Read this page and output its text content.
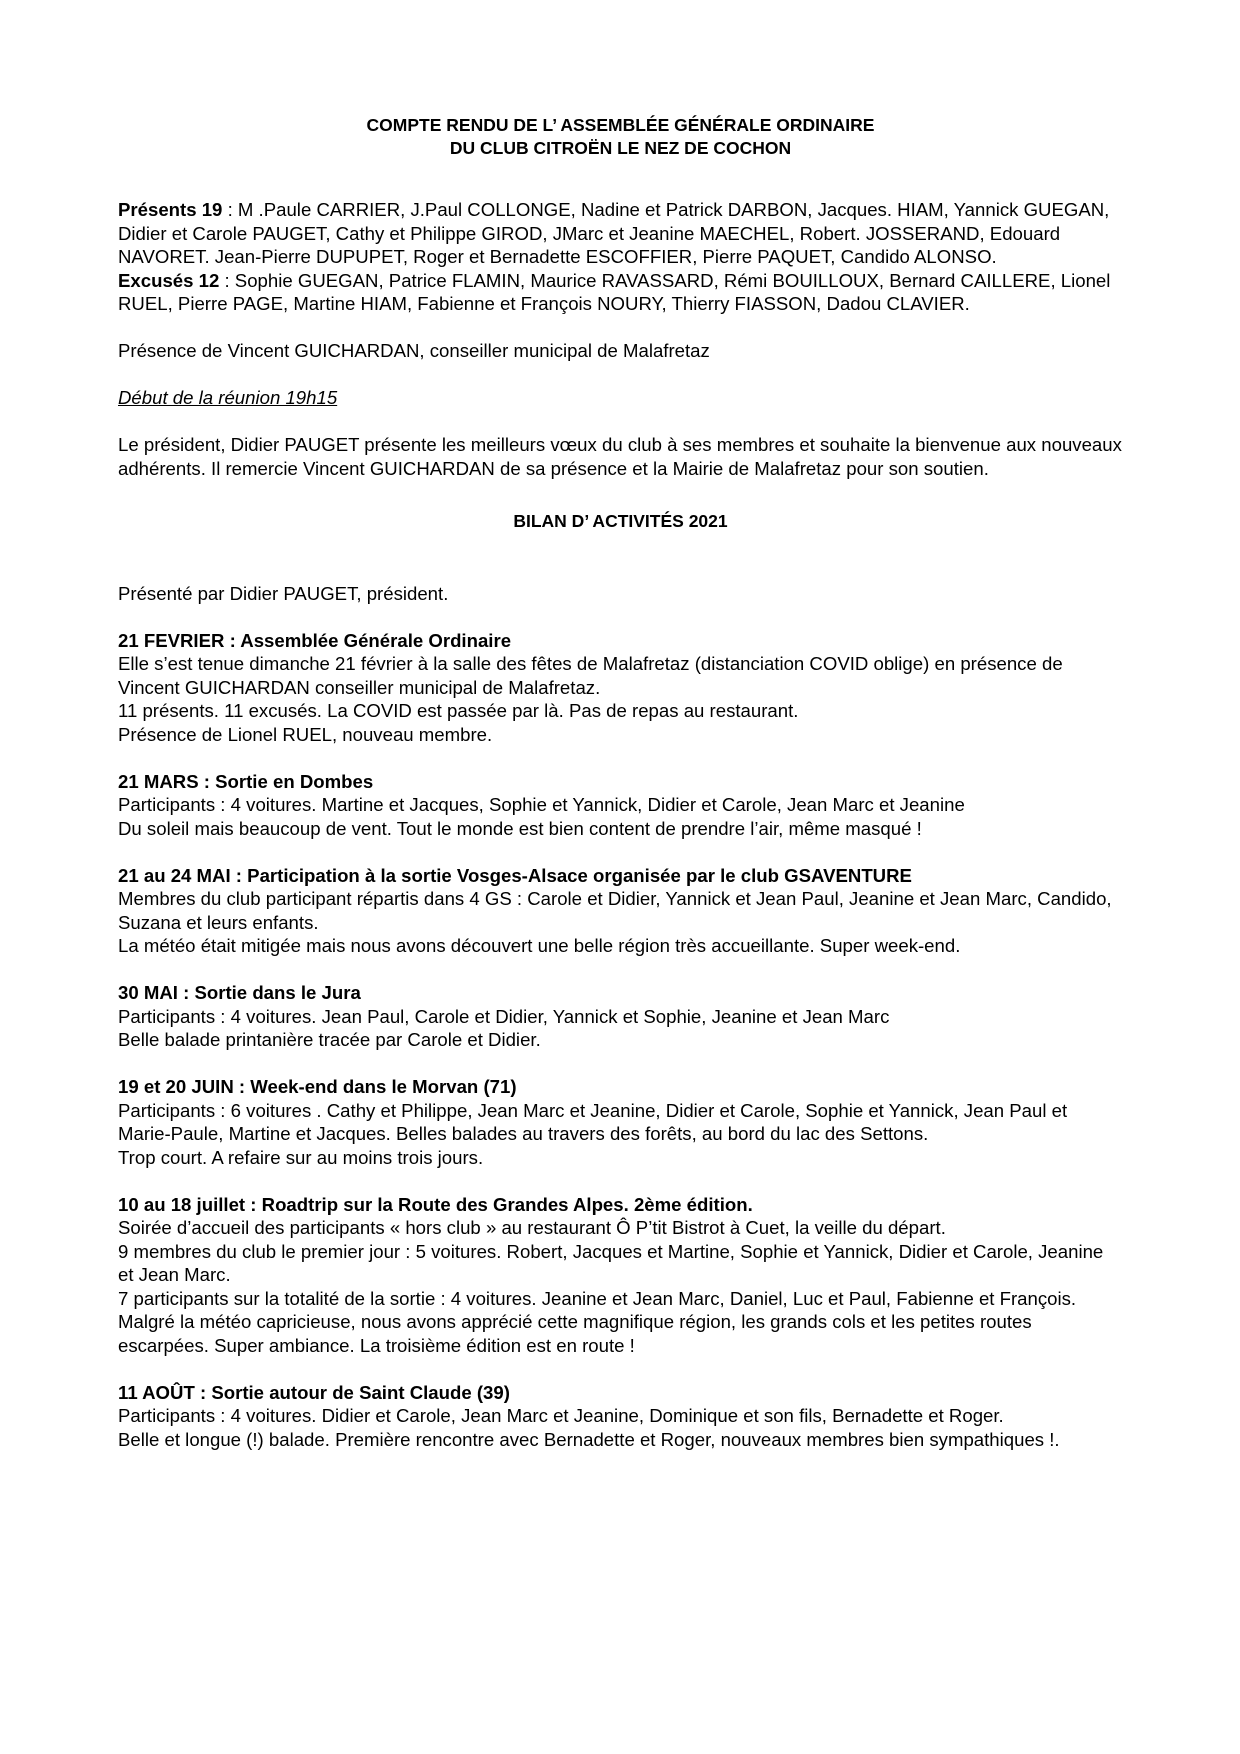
COMPTE RENDU DE L’ ASSEMBLÉE GÉNÉRALE ORDINAIRE
DU CLUB CITROËN LE NEZ DE COCHON

Présents 19 : M .Paule CARRIER, J.Paul COLLONGE, Nadine et Patrick DARBON, Jacques. HIAM, Yannick GUEGAN, Didier et Carole PAUGET, Cathy et Philippe GIROD, JMarc et Jeanine MAECHEL, Robert. JOSSERAND, Edouard NAVORET. Jean-Pierre DUPUPET, Roger et Bernadette ESCOFFIER, Pierre PAQUET, Candido ALONSO.

Excusés 12 : Sophie GUEGAN, Patrice FLAMIN, Maurice RAVASSARD, Rémi BOUILLOUX, Bernard CAILLERE, Lionel RUEL, Pierre PAGE, Martine HIAM, Fabienne et François NOURY, Thierry FIASSON, Dadou CLAVIER.

Présence de Vincent GUICHARDAN, conseiller municipal de Malafretaz

Début de la réunion 19h15

Le président, Didier PAUGET présente les meilleurs vœux du club à ses membres et souhaite la bienvenue aux nouveaux adhérents. Il remercie Vincent GUICHARDAN de sa présence et la Mairie de Malafretaz pour son soutien.

BILAN D’ ACTIVITÉS 2021

Présenté par Didier PAUGET, président.

21 FEVRIER : Assemblée Générale Ordinaire
Elle s’est tenue dimanche 21 février à la salle des fêtes de Malafretaz (distanciation COVID oblige) en présence de Vincent GUICHARDAN conseiller municipal de Malafretaz.
11 présents. 11 excusés. La COVID est passée par là. Pas de repas au restaurant.
Présence de Lionel RUEL, nouveau membre.
21 MARS : Sortie en Dombes
Participants : 4 voitures. Martine et Jacques, Sophie et Yannick, Didier et Carole, Jean Marc et Jeanine
Du soleil mais beaucoup de vent. Tout le monde est bien content de prendre l’air, même masqué !
21 au 24 MAI : Participation à la sortie Vosges-Alsace organisée par le club GSAVENTURE
Membres du club participant répartis dans 4 GS : Carole et Didier, Yannick et Jean Paul, Jeanine et Jean Marc, Candido, Suzana et leurs enfants.
La météo était mitigée mais nous avons découvert une belle région très accueillante. Super week-end.
30 MAI : Sortie dans le Jura
Participants : 4 voitures. Jean Paul, Carole et Didier, Yannick et Sophie, Jeanine et Jean Marc
Belle balade printanière tracée par Carole et Didier.
19 et 20 JUIN : Week-end dans le Morvan (71)
Participants : 6 voitures . Cathy et Philippe, Jean Marc et Jeanine, Didier et Carole, Sophie et Yannick, Jean Paul et Marie-Paule, Martine et Jacques. Belles balades au travers des forêts, au bord du lac des Settons.
Trop court. A refaire sur au moins trois jours.
10 au 18 juillet : Roadtrip sur la Route des Grandes Alpes. 2ème édition.
Soirée d’accueil des participants « hors club » au restaurant Ô P’tit Bistrot à Cuet, la veille du départ.
9 membres du club le premier jour : 5 voitures. Robert, Jacques et Martine, Sophie et Yannick, Didier et Carole, Jeanine et Jean Marc.
7 participants sur la totalité de la sortie : 4 voitures. Jeanine et Jean Marc, Daniel, Luc et Paul, Fabienne et François.
Malgré la météo capricieuse, nous avons apprécié cette magnifique région, les grands cols et les petites routes escarpées. Super ambiance. La troisième édition est en route !
11 AOÛT : Sortie autour de Saint Claude (39)
Participants : 4 voitures. Didier et Carole, Jean Marc et Jeanine, Dominique et son fils, Bernadette et Roger.
Belle et longue (!) balade. Première rencontre avec Bernadette et Roger, nouveaux membres bien sympathiques !.
